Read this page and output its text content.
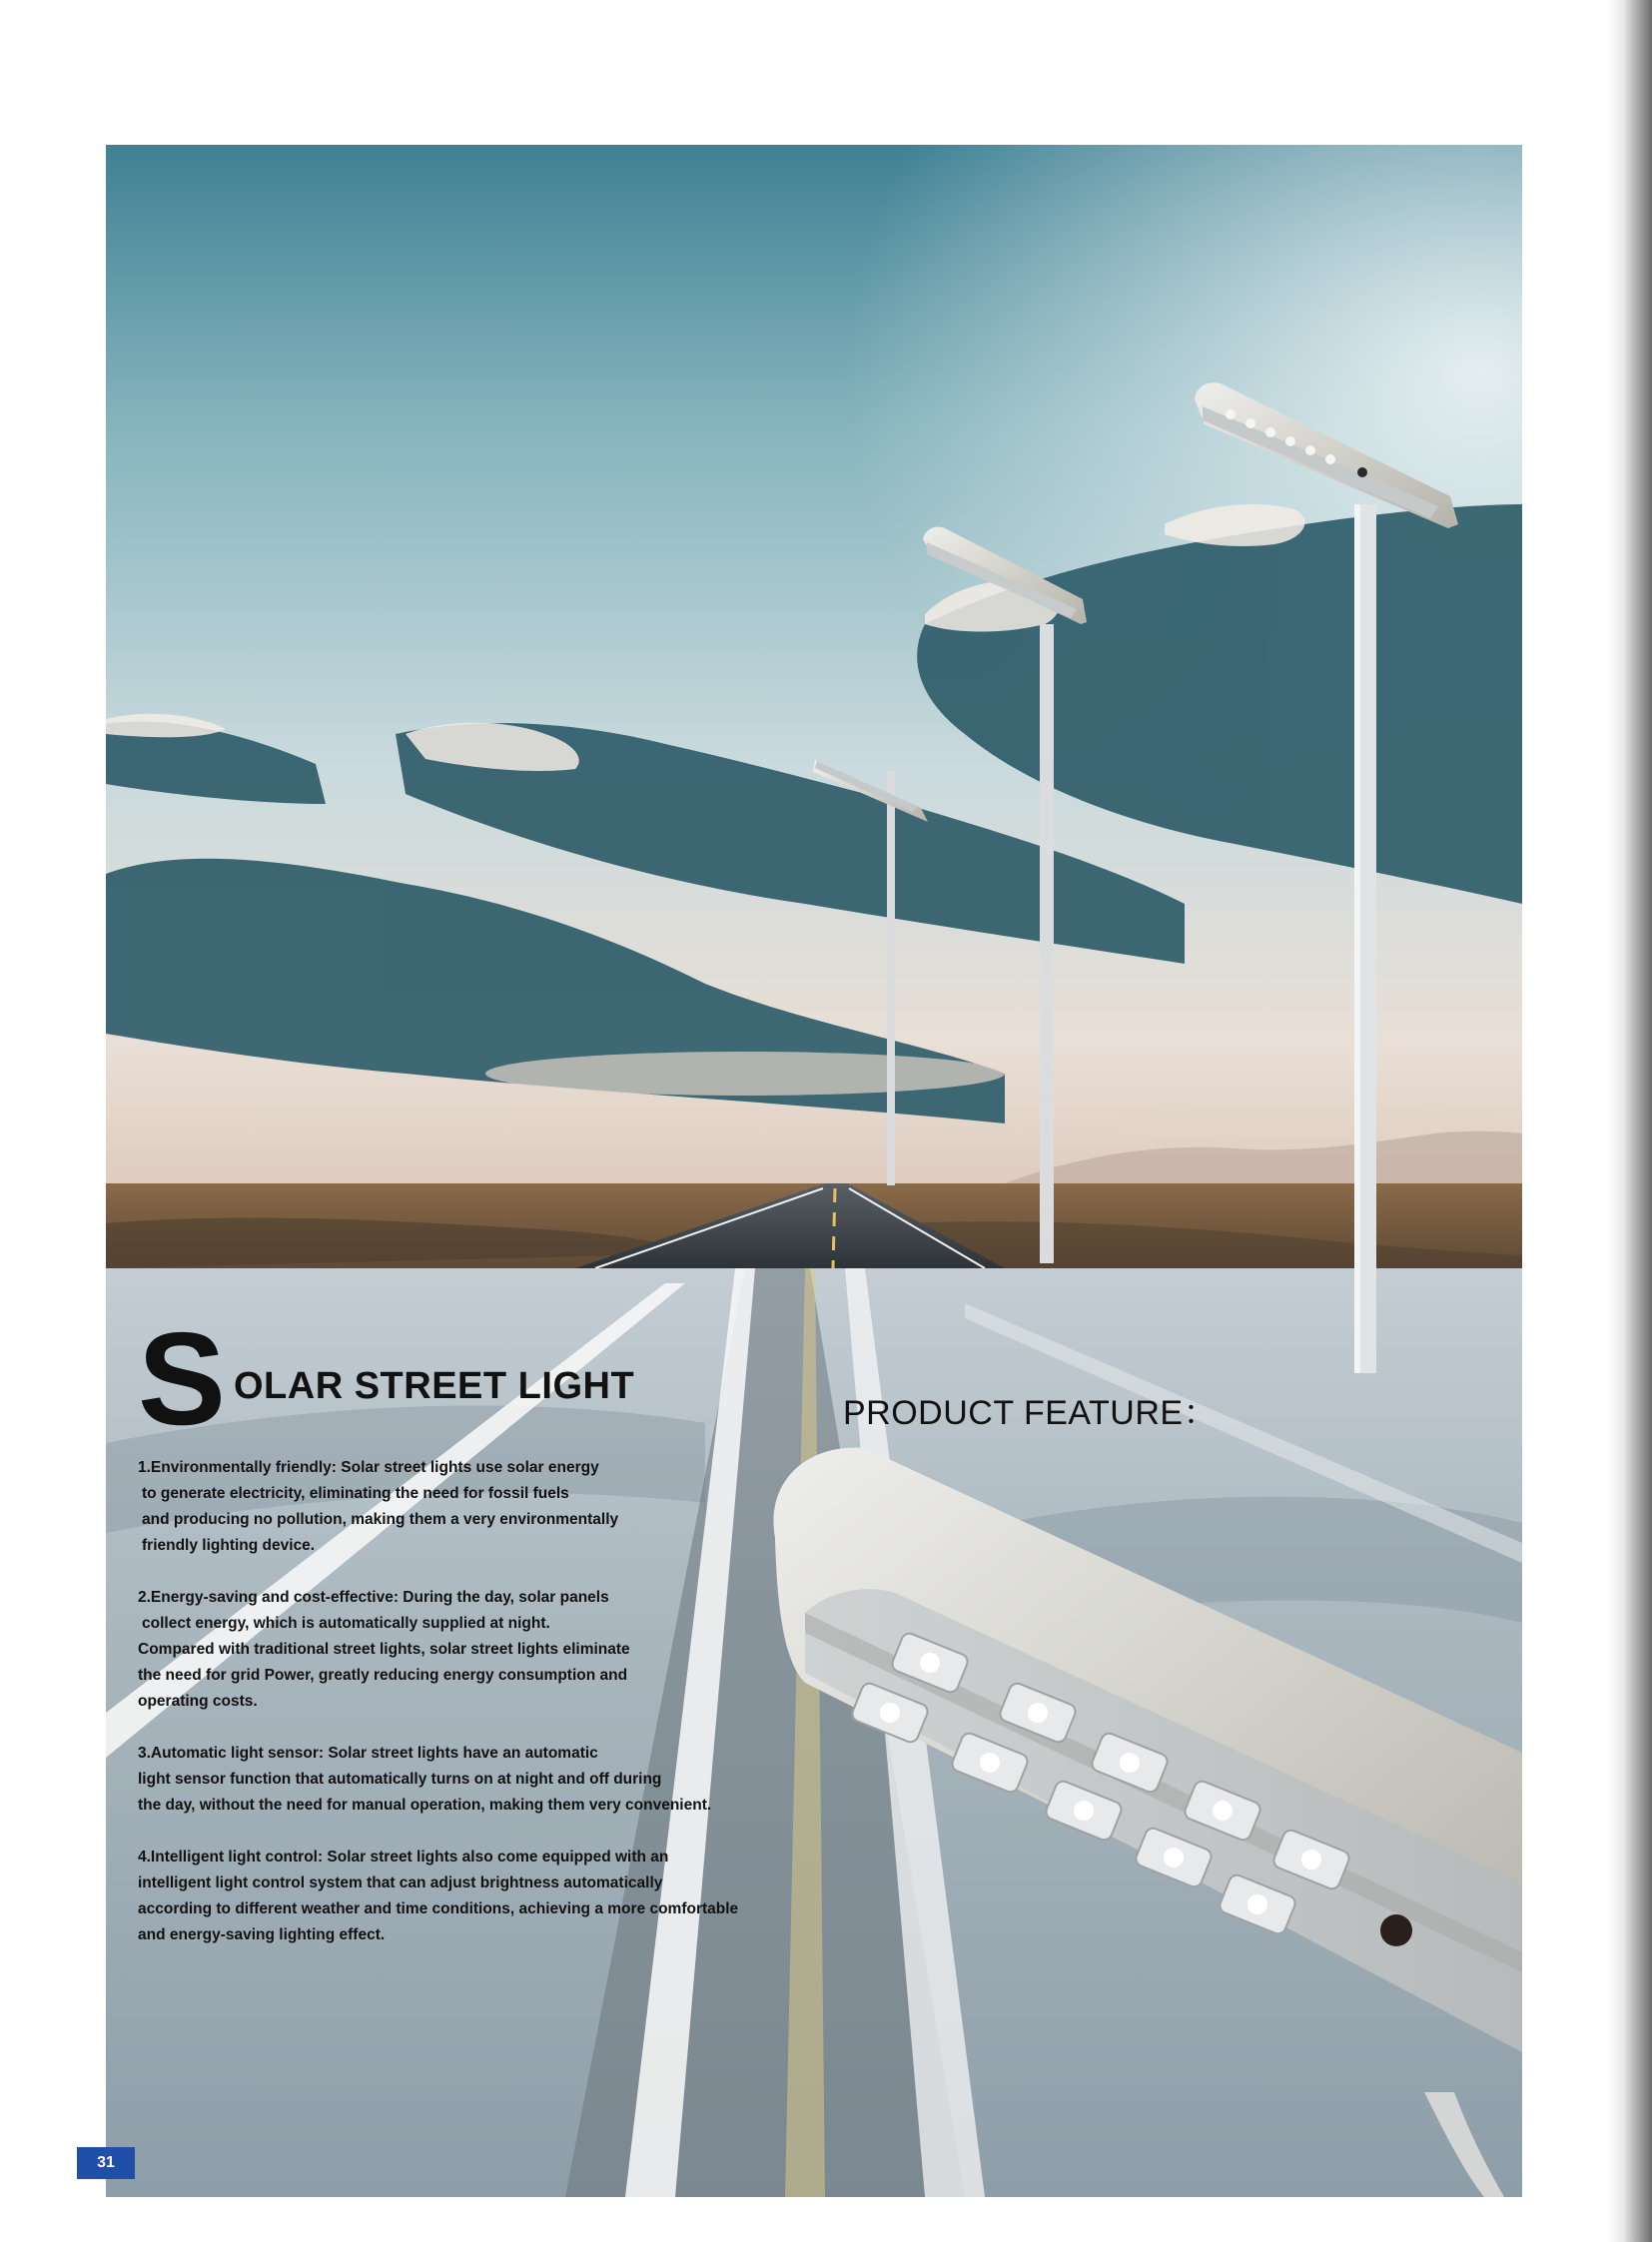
S OLAR STREET LIGHT
PRODUCT FEATURE：
1.Environmentally friendly: Solar street lights use solar energy
to generate electricity, eliminating the need for fossil fuels
and producing no pollution, making them a very environmentally
friendly lighting device.
2.Energy-saving and cost-effective: During the day, solar panels
collect energy, which is automatically supplied at night.
Compared with traditional street lights, solar street lights eliminate
the need for grid Power, greatly reducing energy consumption and
operating costs.
3.Automatic light sensor: Solar street lights have an automatic
light sensor function that automatically turns on at night and off during
the day, without the need for manual operation, making them very convenient.
4.Intelligent light control: Solar street lights also come equipped with an
intelligent light control system that can adjust brightness automatically
according to different weather and time conditions, achieving a more comfortable
and energy-saving lighting effect.
31
